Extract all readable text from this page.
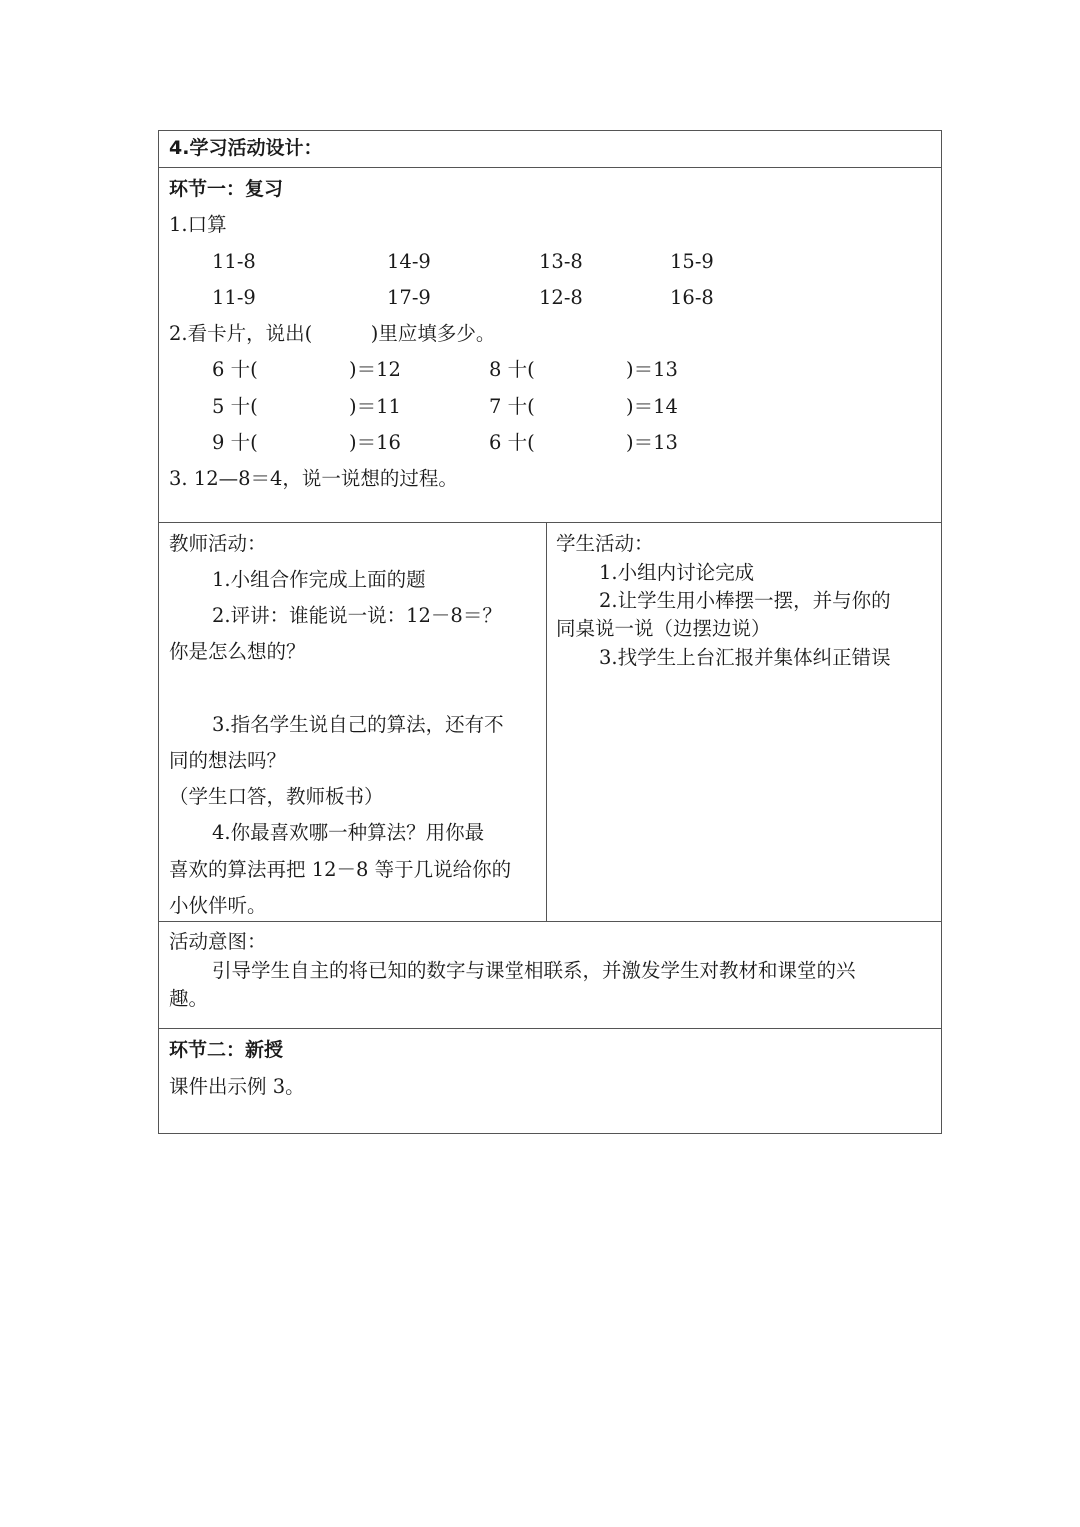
4.学习活动设计：
环节一：复习
1.口算
11-8	14-9	13-8	15-9
11-9	17-9	12-8	16-8
2.看卡片，说出(　　　)里应填多少。
6 十(	)＝12	8 十(	)＝13
5 十(	)＝11	7 十(	)＝14
9 十(	)＝16	6 十(	)＝13
3. 12—8＝4，说一说想的过程。
教师活动：
1.小组合作完成上面的题
2.评讲：谁能说一说：12－8＝？
你是怎么想的？
3.指名学生说自己的算法，还有不
同的想法吗？
（学生口答，教师板书）
4.你最喜欢哪一种算法？用你最
喜欢的算法再把 12－8 等于几说给你的
小伙伴听。
学生活动：
1.小组内讨论完成
2.让学生用小棒摆一摆，并与你的
同桌说一说（边摆边说）
3.找学生上台汇报并集体纠正错误
活动意图：
引导学生自主的将已知的数字与课堂相联系，并激发学生对教材和课堂的兴
趣。
环节二：新授
课件出示例 3。
